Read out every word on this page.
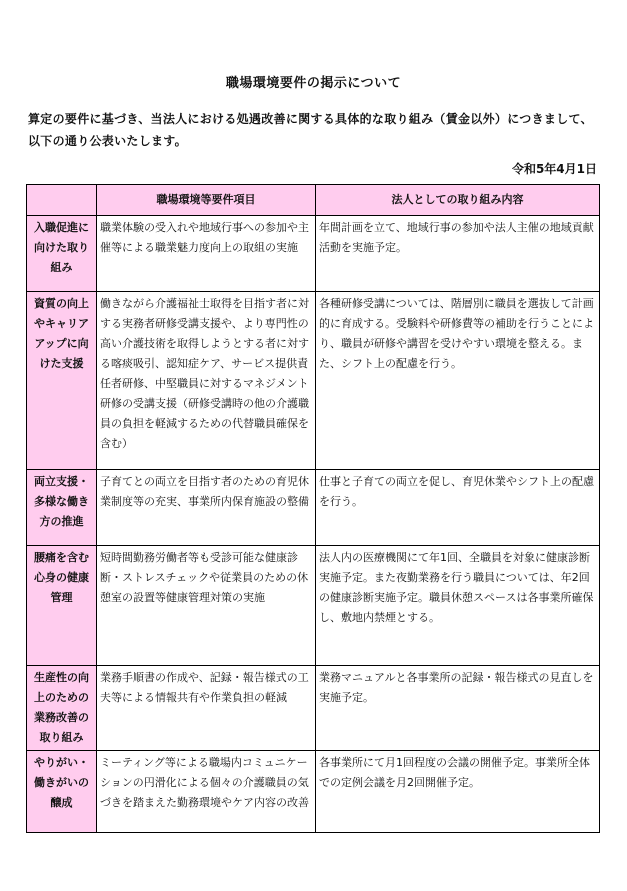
職場環境要件の掲示について
算定の要件に基づき、当法人における処遇改善に関する具体的な取り組み（賃金以外）につきまして、以下の通り公表いたします。
令和5年4月1日
	職場環境等要件項目	法人としての取り組み内容
入職促進に向けた取り組み	職業体験の受入れや地域行事への参加や主催等による職業魅力度向上の取組の実施	年間計画を立て、地域行事の参加や法人主催の地域貢献活動を実施予定。
資質の向上やキャリアアップに向けた支援	働きながら介護福祉士取得を目指す者に対する実務者研修受講支援や、より専門性の高い介護技術を取得しようとする者に対する喀痰吸引、認知症ケア、サービス提供責任者研修、中堅職員に対するマネジメント研修の受講支援（研修受講時の他の介護職員の負担を軽減するための代替職員確保を含む）	各種研修受講については、階層別に職員を選抜して計画的に育成する。受験料や研修費等の補助を行うことにより、職員が研修や講習を受けやすい環境を整える。また、シフト上の配慮を行う。
両立支援・多様な働き方の推進	子育てとの両立を目指す者のための育児休業制度等の充実、事業所内保育施設の整備	仕事と子育ての両立を促し、育児休業やシフト上の配慮を行う。
腰痛を含む心身の健康管理	短時間勤務労働者等も受診可能な健康診断・ストレスチェックや従業員のための休憩室の設置等健康管理対策の実施	法人内の医療機関にて年1回、全職員を対象に健康診断実施予定。また夜勤業務を行う職員については、年2回の健康診断実施予定。職員休憩スペースは各事業所確保し、敷地内禁煙とする。
生産性の向上のための業務改善の取り組み	業務手順書の作成や、記録・報告様式の工夫等による情報共有や作業負担の軽減	業務マニュアルと各事業所の記録・報告様式の見直しを実施予定。
やりがい・働きがいの醸成	ミーティング等による職場内コミュニケーションの円滑化による個々の介護職員の気づきを踏まえた勤務環境やケア内容の改善	各事業所にて月1回程度の会議の開催予定。事業所全体での定例会議を月2回開催予定。
